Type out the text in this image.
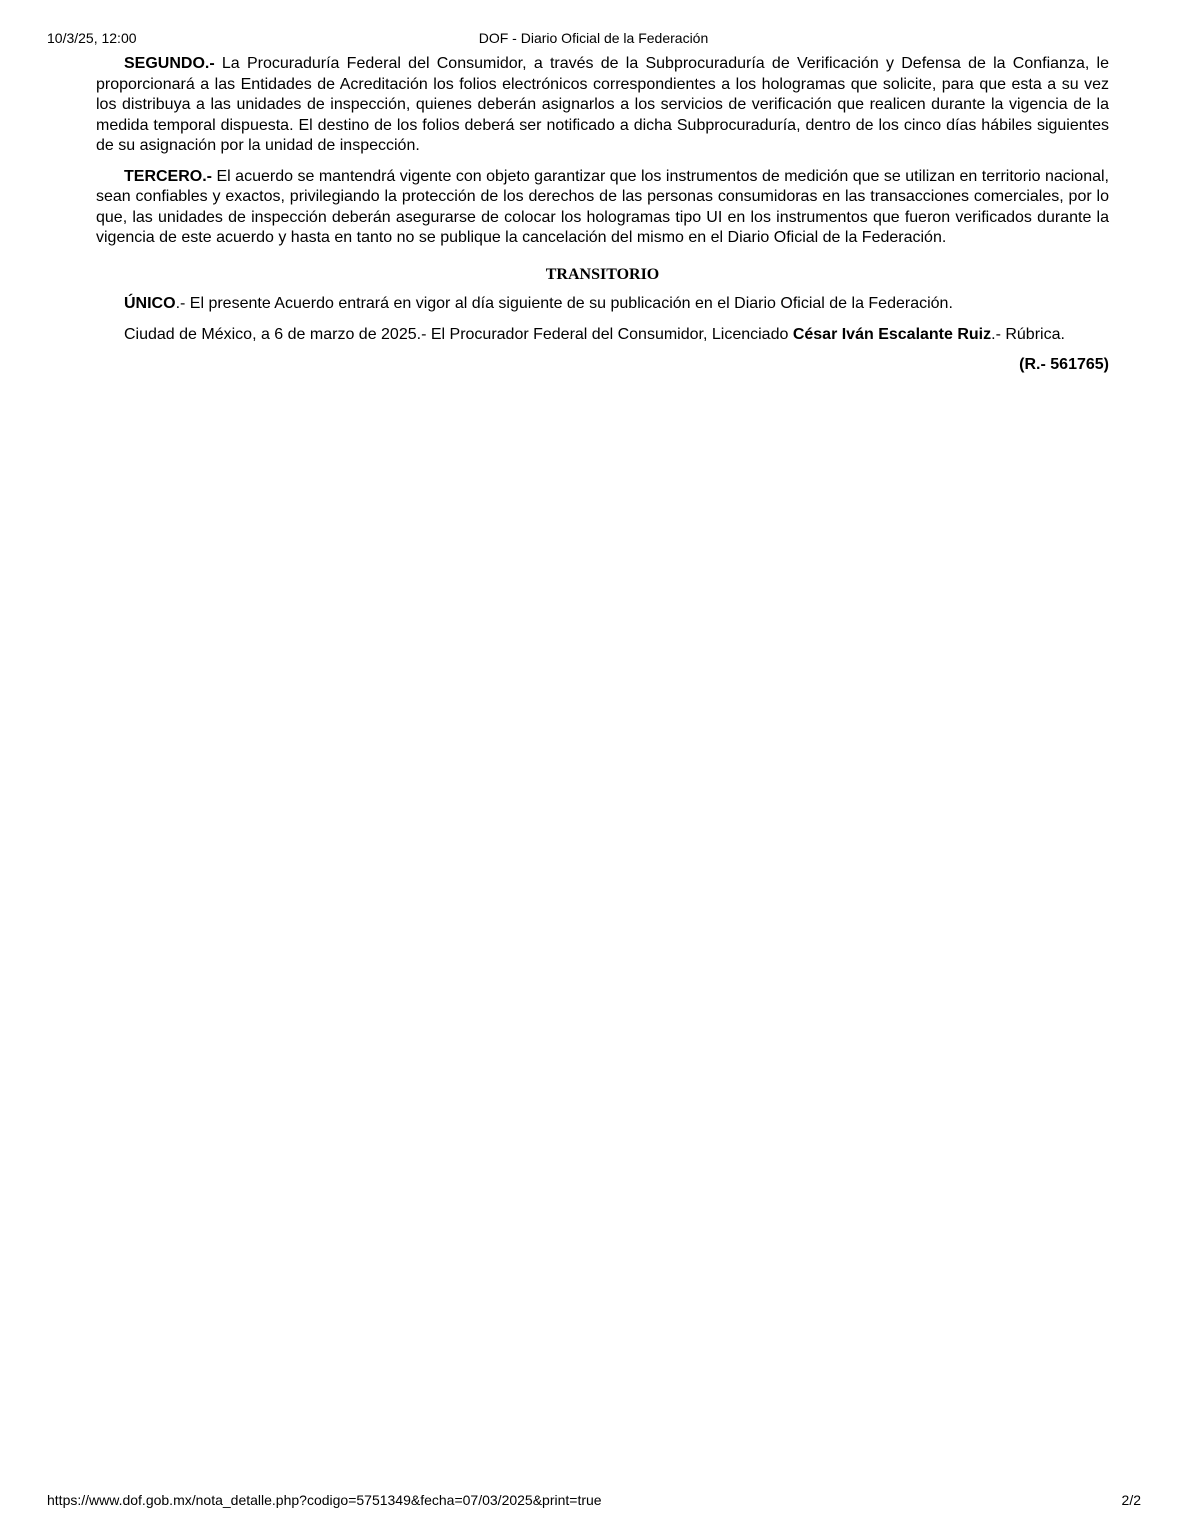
10/3/25, 12:00	DOF - Diario Oficial de la Federación

SEGUNDO.- La Procuraduría Federal del Consumidor, a través de la Subprocuraduría de Verificación y Defensa de la Confianza, le proporcionará a las Entidades de Acreditación los folios electrónicos correspondientes a los hologramas que solicite, para que esta a su vez los distribuya a las unidades de inspección, quienes deberán asignarlos a los servicios de verificación que realicen durante la vigencia de la medida temporal dispuesta. El destino de los folios deberá ser notificado a dicha Subprocuraduría, dentro de los cinco días hábiles siguientes de su asignación por la unidad de inspección.

TERCERO.- El acuerdo se mantendrá vigente con objeto garantizar que los instrumentos de medición que se utilizan en territorio nacional, sean confiables y exactos, privilegiando la protección de los derechos de las personas consumidoras en las transacciones comerciales, por lo que, las unidades de inspección deberán asegurarse de colocar los hologramas tipo UI en los instrumentos que fueron verificados durante la vigencia de este acuerdo y hasta en tanto no se publique la cancelación del mismo en el Diario Oficial de la Federación.

TRANSITORIO

ÚNICO.- El presente Acuerdo entrará en vigor al día siguiente de su publicación en el Diario Oficial de la Federación.

Ciudad de México, a 6 de marzo de 2025.- El Procurador Federal del Consumidor, Licenciado César Iván Escalante Ruiz.- Rúbrica.

(R.- 561765)
https://www.dof.gob.mx/nota_detalle.php?codigo=5751349&fecha=07/03/2025&print=true	2/2
